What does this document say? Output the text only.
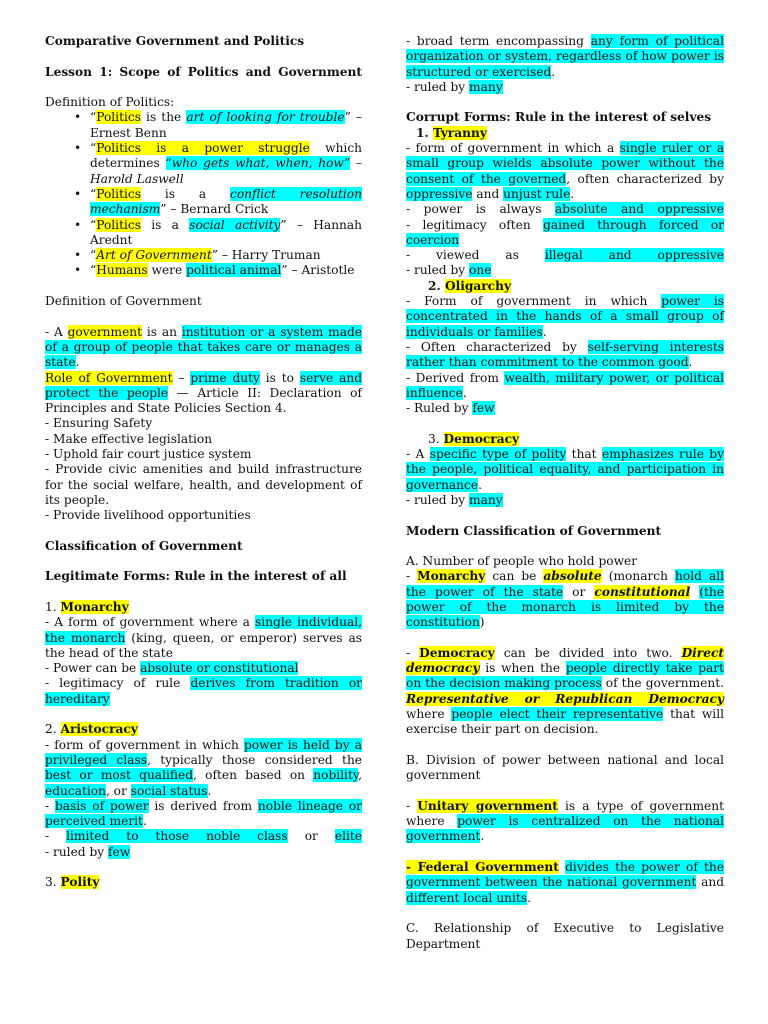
Comparative Government and Politics

Lesson 1: Scope of Politics and Government

Definition of Politics:

• “Politics is the art of looking for trouble” – Ernest Benn
• “Politics is a power struggle which determines “who gets what, when, how” – Harold Laswell
• “Politics is a conflict resolution mechanism” – Bernard Crick
• “Politics is a social activity” – Hannah Arednt
• “Art of Government” – Harry Truman
• “Humans were political animal” – Aristotle

Definition of Government

- A government is an institution or a system made of a group of people that takes care or manages a state.

Role of Government – prime duty is to serve and protect the people — Article II: Declaration of Principles and State Policies Section 4.

- Ensuring Safety

- Make effective legislation

- Uphold fair court justice system

- Provide civic amenities and build infrastructure for the social welfare, health, and development of its people.

- Provide livelihood opportunities

Classification of Government

Legitimate Forms: Rule in the interest of all

1. Monarchy

- A form of government where a single individual, the monarch (king, queen, or emperor) serves as the head of the state

- Power can be absolute or constitutional

- legitimacy of rule derives from tradition or hereditary

2. Aristocracy

- form of government in which power is held by a privileged class, typically those considered the best or most qualified, often based on nobility, education, or social status.

- basis of power is derived from noble lineage or perceived merit.

- limited to those noble class or elite

- ruled by few

3. Polity

- broad term encompassing any form of political organization or system, regardless of how power is structured or exercised.

- ruled by many

Corrupt Forms: Rule in the interest of selves

1. Tyranny

- form of government in which a single ruler or a small group wields absolute power without the consent of the governed, often characterized by oppressive and unjust rule.

- power is always absolute and oppressive

- legitimacy often gained through forced or coercion

- viewed as illegal and oppressive

- ruled by one

2. Oligarchy

- Form of government in which power is concentrated in the hands of a small group of individuals or families.

- Often characterized by self-serving interests rather than commitment to the common good.

- Derived from wealth, military power, or political influence.

- Ruled by few

3. Democracy

- A specific type of polity that emphasizes rule by the people, political equality, and participation in governance.

- ruled by many

Modern Classification of Government

A. Number of people who hold power

- Monarchy can be absolute (monarch hold all the power of the state or constitutional (the power of the monarch is limited by the constitution)

- Democracy can be divided into two. Direct democracy is when the people directly take part on the decision making process of the government. Representative or Republican Democracy where people elect their representative that will exercise their part on decision.

B. Division of power between national and local government

- Unitary government is a type of government where power is centralized on the national government.

- Federal Government divides the power of the government between the national government and different local units.

C. Relationship of Executive to Legislative Department
